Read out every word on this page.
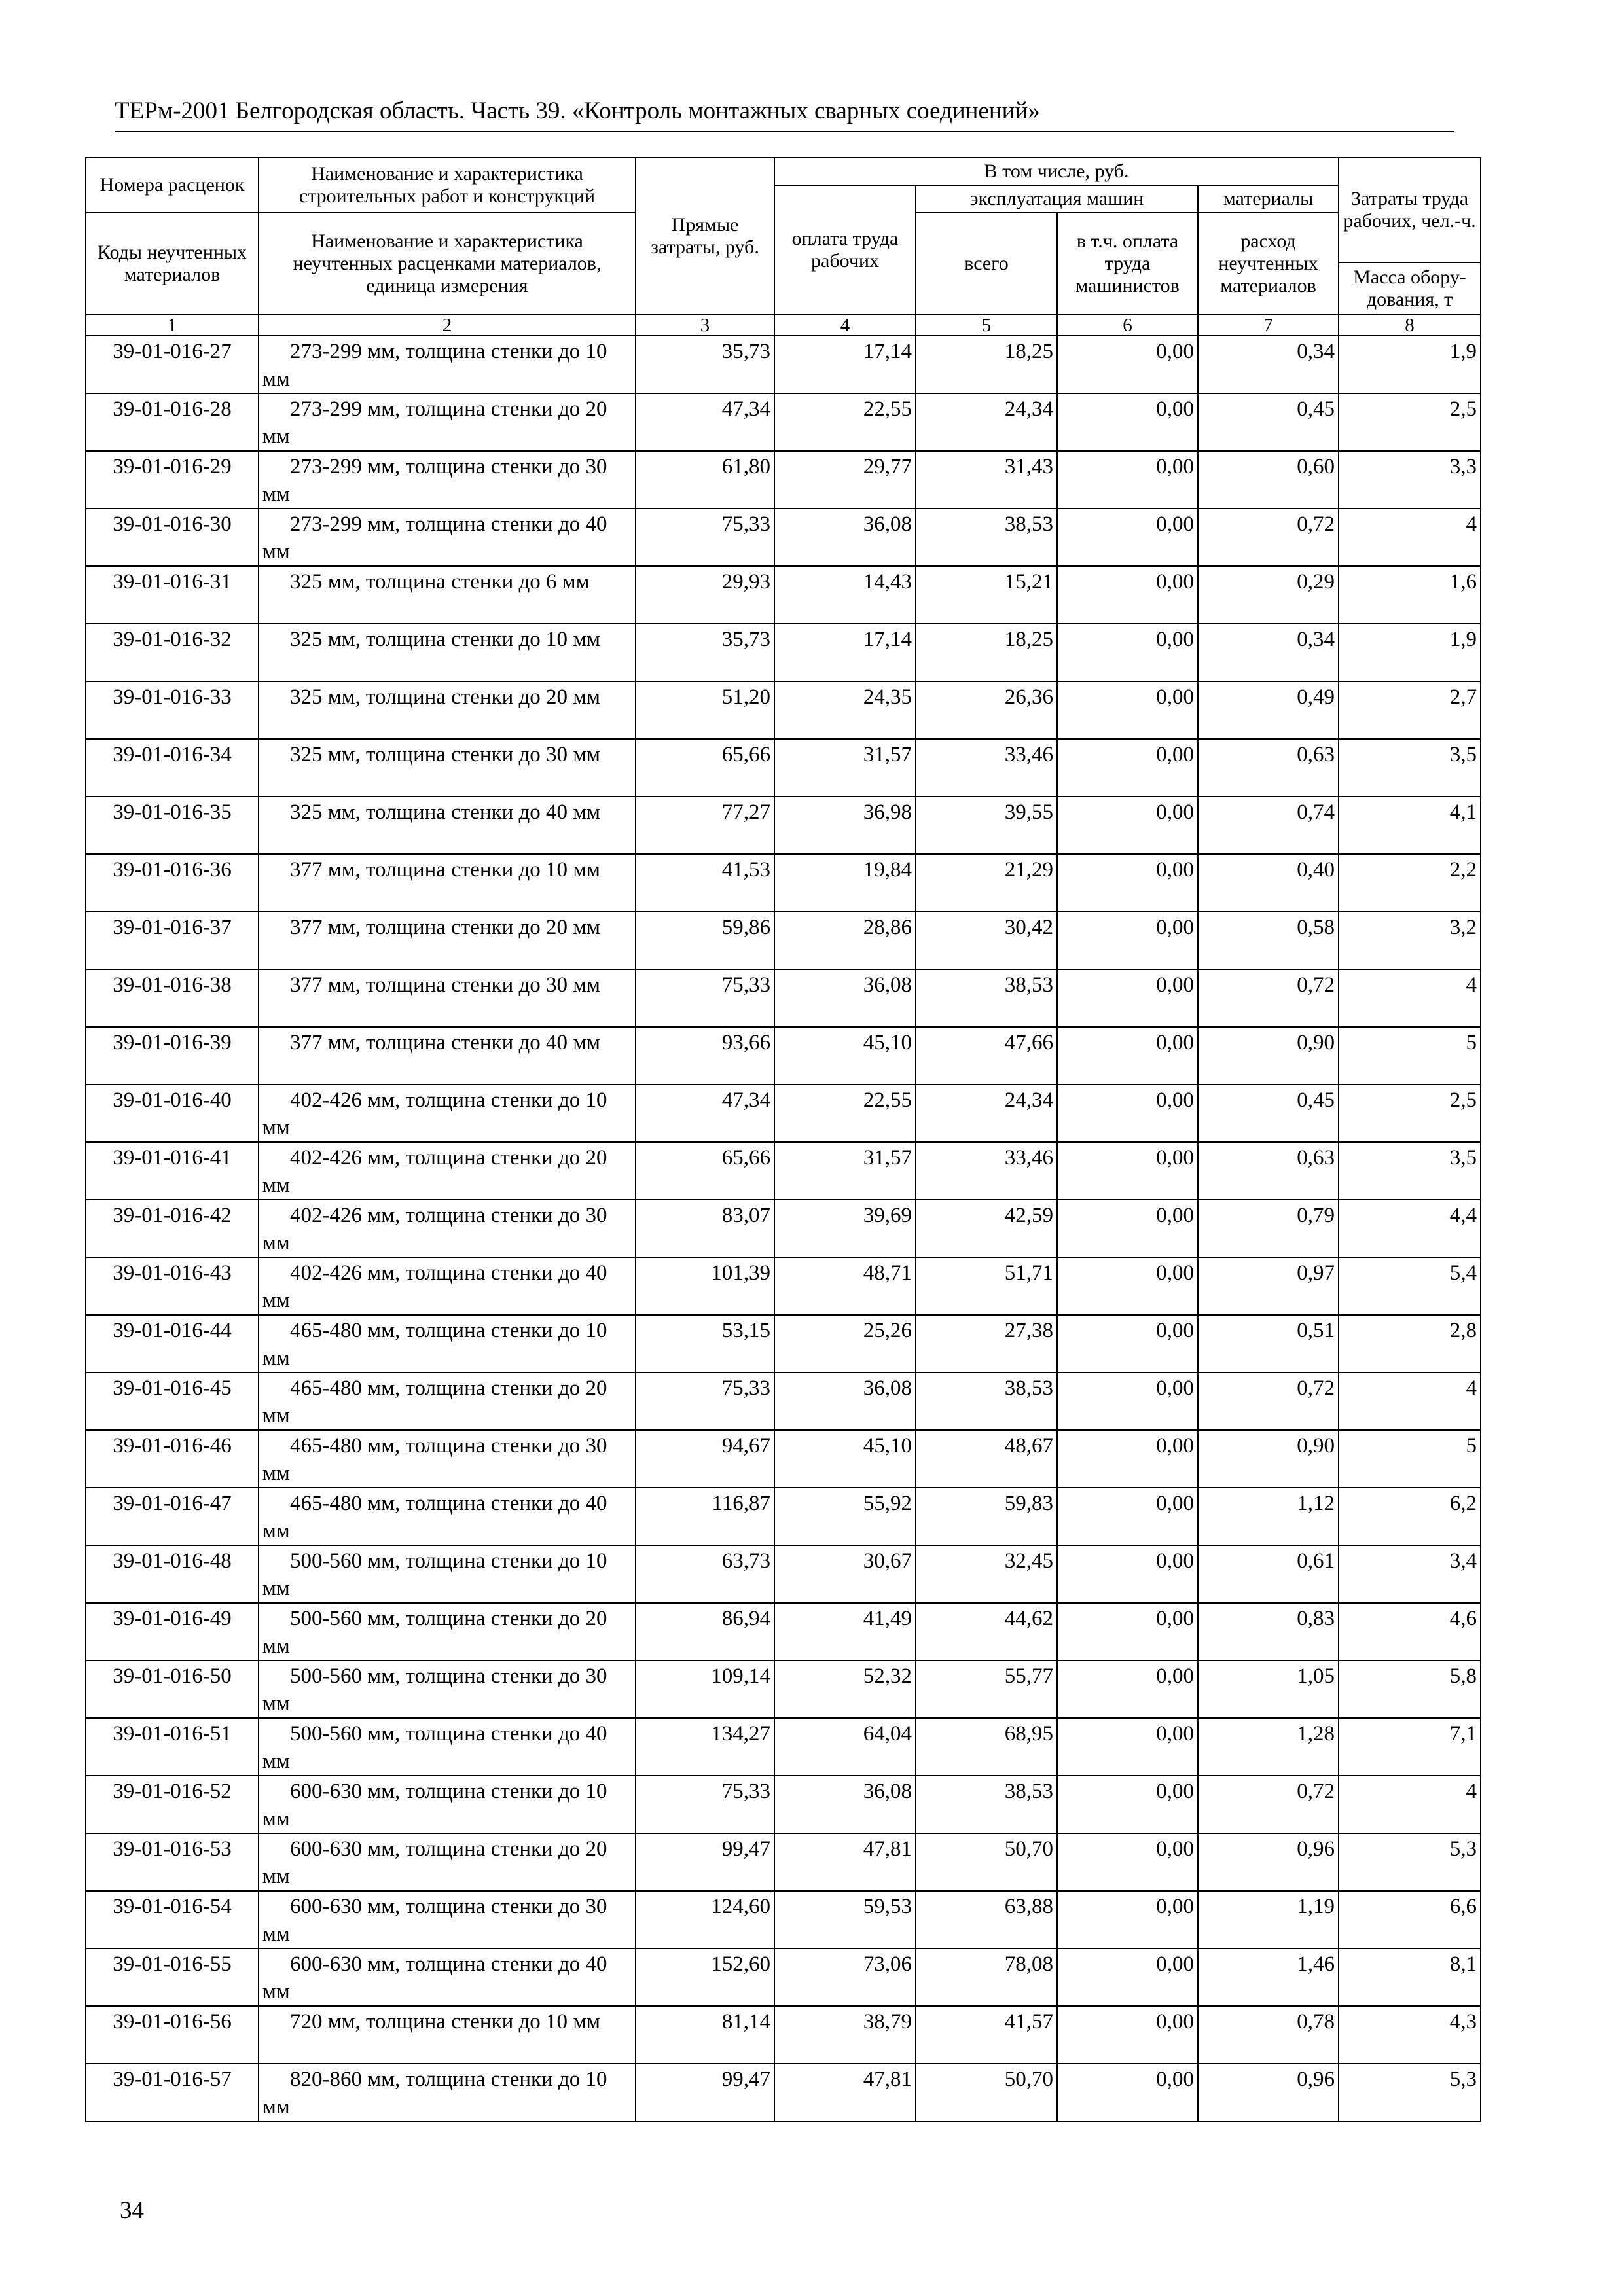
ТЕРм-2001 Белгородская область. Часть 39. «Контроль монтажных сварных соединений»
Номера расценок	Наименование и характеристика строительных работ и конструкций	Прямые затраты, руб.	В том числе, руб.				Затраты труда рабочих, чел.-ч.
			оплата труда рабочих	эксплуатация машин		материалы	
Коды неучтенных материалов	Наименование и характеристика неучтенных расценками материалов, единица измерения			всего	в т.ч. оплата труда машинистов	расход неучтенных материалов	
							Масса обору-дования, т
1	2	3	4	5	6	7	8
39-01-016-27	273-299 мм, толщина стенки до 10 мм	35,73	17,14	18,25	0,00	0,34	1,9
39-01-016-28	273-299 мм, толщина стенки до 20 мм	47,34	22,55	24,34	0,00	0,45	2,5
39-01-016-29	273-299 мм, толщина стенки до 30 мм	61,80	29,77	31,43	0,00	0,60	3,3
39-01-016-30	273-299 мм, толщина стенки до 40 мм	75,33	36,08	38,53	0,00	0,72	4
39-01-016-31	325 мм, толщина стенки до 6 мм	29,93	14,43	15,21	0,00	0,29	1,6
39-01-016-32	325 мм, толщина стенки до 10 мм	35,73	17,14	18,25	0,00	0,34	1,9
39-01-016-33	325 мм, толщина стенки до 20 мм	51,20	24,35	26,36	0,00	0,49	2,7
39-01-016-34	325 мм, толщина стенки до 30 мм	65,66	31,57	33,46	0,00	0,63	3,5
39-01-016-35	325 мм, толщина стенки до 40 мм	77,27	36,98	39,55	0,00	0,74	4,1
39-01-016-36	377 мм, толщина стенки до 10 мм	41,53	19,84	21,29	0,00	0,40	2,2
39-01-016-37	377 мм, толщина стенки до 20 мм	59,86	28,86	30,42	0,00	0,58	3,2
39-01-016-38	377 мм, толщина стенки до 30 мм	75,33	36,08	38,53	0,00	0,72	4
39-01-016-39	377 мм, толщина стенки до 40 мм	93,66	45,10	47,66	0,00	0,90	5
39-01-016-40	402-426 мм, толщина стенки до 10 мм	47,34	22,55	24,34	0,00	0,45	2,5
39-01-016-41	402-426 мм, толщина стенки до 20 мм	65,66	31,57	33,46	0,00	0,63	3,5
39-01-016-42	402-426 мм, толщина стенки до 30 мм	83,07	39,69	42,59	0,00	0,79	4,4
39-01-016-43	402-426 мм, толщина стенки до 40 мм	101,39	48,71	51,71	0,00	0,97	5,4
39-01-016-44	465-480 мм, толщина стенки до 10 мм	53,15	25,26	27,38	0,00	0,51	2,8
39-01-016-45	465-480 мм, толщина стенки до 20 мм	75,33	36,08	38,53	0,00	0,72	4
39-01-016-46	465-480 мм, толщина стенки до 30 мм	94,67	45,10	48,67	0,00	0,90	5
39-01-016-47	465-480 мм, толщина стенки до 40 мм	116,87	55,92	59,83	0,00	1,12	6,2
39-01-016-48	500-560 мм, толщина стенки до 10 мм	63,73	30,67	32,45	0,00	0,61	3,4
39-01-016-49	500-560 мм, толщина стенки до 20 мм	86,94	41,49	44,62	0,00	0,83	4,6
39-01-016-50	500-560 мм, толщина стенки до 30 мм	109,14	52,32	55,77	0,00	1,05	5,8
39-01-016-51	500-560 мм, толщина стенки до 40 мм	134,27	64,04	68,95	0,00	1,28	7,1
39-01-016-52	600-630 мм, толщина стенки до 10 мм	75,33	36,08	38,53	0,00	0,72	4
39-01-016-53	600-630 мм, толщина стенки до 20 мм	99,47	47,81	50,70	0,00	0,96	5,3
39-01-016-54	600-630 мм, толщина стенки до 30 мм	124,60	59,53	63,88	0,00	1,19	6,6
39-01-016-55	600-630 мм, толщина стенки до 40 мм	152,60	73,06	78,08	0,00	1,46	8,1
39-01-016-56	720 мм, толщина стенки до 10 мм	81,14	38,79	41,57	0,00	0,78	4,3
39-01-016-57	820-860 мм, толщина стенки до 10 мм	99,47	47,81	50,70	0,00	0,96	5,3
34
